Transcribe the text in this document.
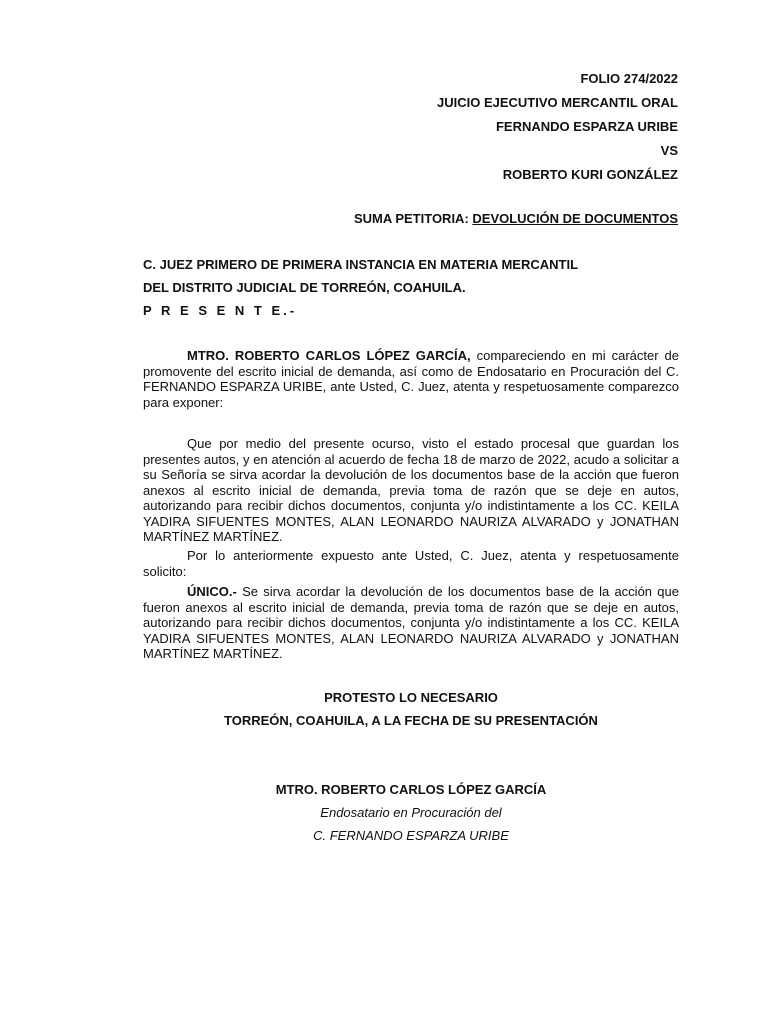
FOLIO 274/2022
JUICIO EJECUTIVO MERCANTIL ORAL
FERNANDO ESPARZA URIBE
VS
ROBERTO KURI GONZÁLEZ
SUMA PETITORIA: DEVOLUCIÓN DE DOCUMENTOS
C. JUEZ PRIMERO DE PRIMERA INSTANCIA EN MATERIA MERCANTIL
DEL DISTRITO JUDICIAL DE TORREÓN, COAHUILA.
P R E S E N T E.-
MTRO. ROBERTO CARLOS LÓPEZ GARCÍA, compareciendo en mi carácter de promovente del escrito inicial de demanda, así como de Endosatario en Procuración del C. FERNANDO ESPARZA URIBE, ante Usted, C. Juez, atenta y respetuosamente comparezco para exponer:
Que por medio del presente ocurso, visto el estado procesal que guardan los presentes autos, y en atención al acuerdo de fecha 18 de marzo de 2022, acudo a solicitar a su Señoría se sirva acordar la devolución de los documentos base de la acción que fueron anexos al escrito inicial de demanda, previa toma de razón que se deje en autos, autorizando para recibir dichos documentos, conjunta y/o indistintamente a los CC. KEILA YADIRA SIFUENTES MONTES, ALAN LEONARDO NAURIZA ALVARADO y JONATHAN MARTÍNEZ MARTÍNEZ.
Por lo anteriormente expuesto ante Usted, C. Juez, atenta y respetuosamente solicito:
ÚNICO.- Se sirva acordar la devolución de los documentos base de la acción que fueron anexos al escrito inicial de demanda, previa toma de razón que se deje en autos, autorizando para recibir dichos documentos, conjunta y/o indistintamente a los CC. KEILA YADIRA SIFUENTES MONTES, ALAN LEONARDO NAURIZA ALVARADO y JONATHAN MARTÍNEZ MARTÍNEZ.
PROTESTO LO NECESARIO
TORREÓN, COAHUILA, A LA FECHA DE SU PRESENTACIÓN
MTRO. ROBERTO CARLOS LÓPEZ GARCÍA
Endosatario en Procuración del
C. FERNANDO ESPARZA URIBE
